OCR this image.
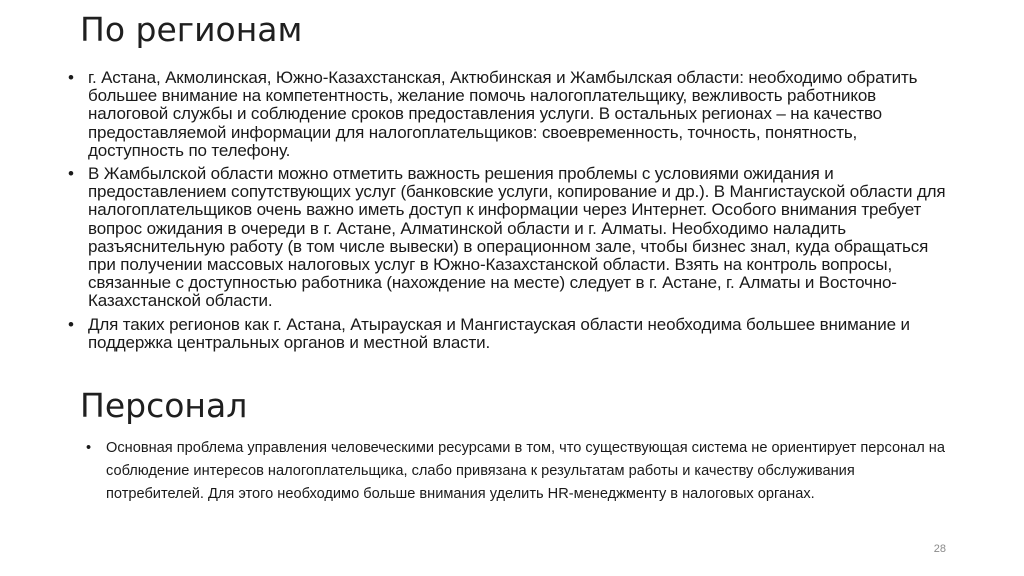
По регионам
• г. Астана, Акмолинская, Южно-Казахстанская, Актюбинская и Жамбылская области: необходимо обратить большее внимание на компетентность, желание помочь налогоплательщику, вежливость работников налоговой службы и соблюдение сроков предоставления услуги. В остальных регионах – на качество предоставляемой информации для налогоплательщиков: своевременность, точность, понятность, доступность по телефону.
• В Жамбылской области можно отметить важность решения проблемы с условиями ожидания и предоставлением сопутствующих услуг (банковские услуги, копирование и др.). В Мангистауской области для налогоплательщиков очень важно иметь доступ к информации через Интернет. Особого внимания требует вопрос ожидания в очереди в г. Астане, Алматинской области и г. Алматы. Необходимо наладить разъяснительную работу (в том числе вывески) в операционном зале, чтобы бизнес знал, куда обращаться при получении массовых налоговых услуг в Южно-Казахстанской области. Взять на контроль вопросы, связанные с доступностью работника (нахождение на месте) следует в г. Астане, г. Алматы и Восточно-Казахстанской области.
• Для таких регионов как г. Астана, Атырауская и Мангистауская области необходима большее внимание и поддержка центральных органов и местной власти.
Персонал
• Основная проблема управления человеческими ресурсами в том, что существующая система не ориентирует персонал на соблюдение интересов налогоплательщика, слабо привязана к результатам работы и качеству обслуживания потребителей. Для этого необходимо больше внимания уделить HR-менеджменту в налоговых органах.
28
